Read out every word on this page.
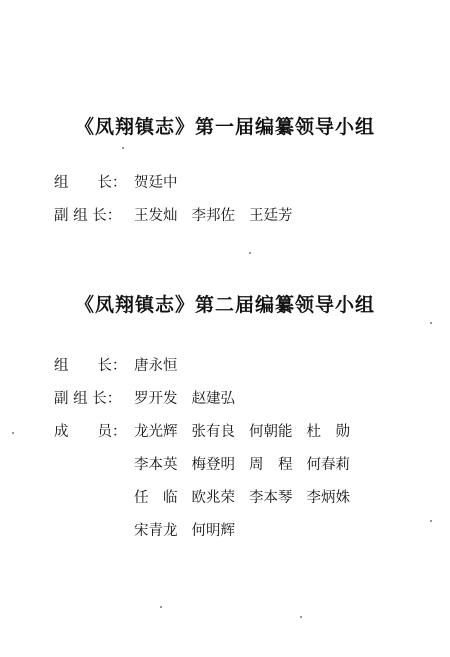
《凤翔镇志》第一届编纂领导小组
组　　长： 贺廷中
副 组 长： 王发灿 李邦佐 王廷芳
《凤翔镇志》第二届编纂领导小组
组　　长： 唐永恒
副 组 长： 罗开发 赵建弘
成　　员： 龙光辉 张有良 何朝能 杜　勋
李本英 梅登明 周　程 何春莉
任　临 欧兆荣 李本琴 李炳姝
宋青龙 何明辉
